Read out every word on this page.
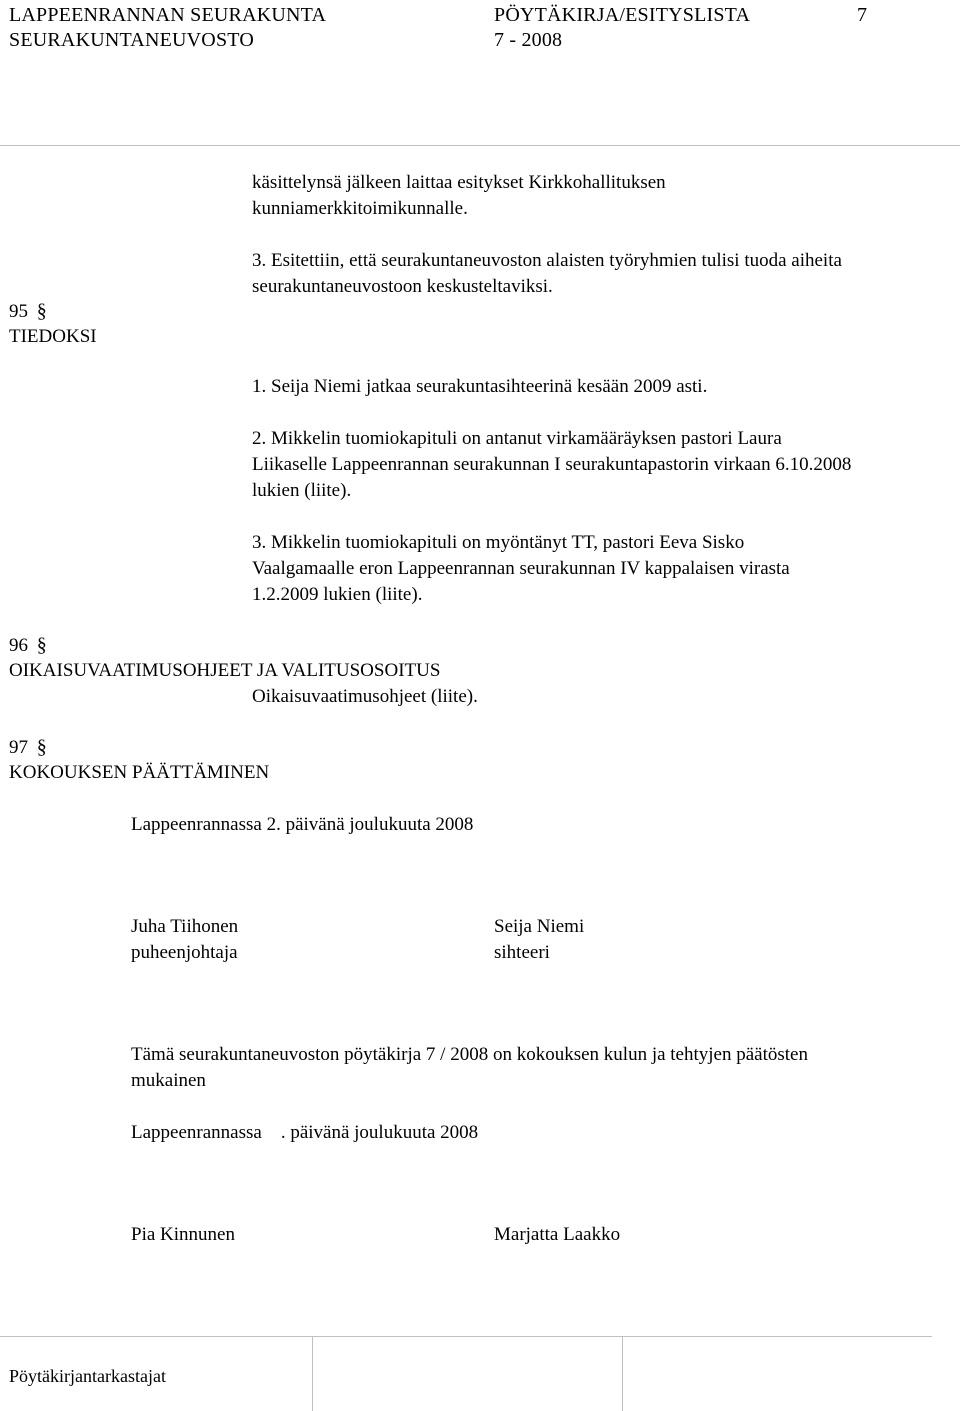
LAPPEENRANNAN SEURAKUNTA
SEURAKUNTANEUVOSTO
PÖYTÄKIRJA/ESITYSLISTA
7 - 2008
7
käsittelynsä jälkeen laittaa esitykset Kirkkohallituksen
kunniamerkkitoimikunnalle.
3. Esitettiin, että seurakuntaneuvoston alaisten työryhmien tulisi tuoda aiheita
seurakuntaneuvostoon keskusteltaviksi.
95 §
TIEDOKSI
1. Seija Niemi jatkaa seurakuntasihteerinä kesään 2009 asti.
2. Mikkelin tuomiokapituli on antanut virkamääräyksen pastori Laura
Liikaselle Lappeenrannan seurakunnan I seurakuntapastorin virkaan 6.10.2008
lukien (liite).
3. Mikkelin tuomiokapituli on myöntänyt TT, pastori Eeva Sisko
Vaalgamaalle eron Lappeenrannan seurakunnan IV kappalaisen virasta
1.2.2009 lukien (liite).
96 §
OIKAISUVAATIMUSOHJEET JA VALITUSOSOITUS
Oikaisuvaatimusohjeet (liite).
97 §
KOKOUKSEN PÄÄTTÄMINEN
Lappeenrannassa 2. päivänä joulukuuta 2008
Juha Tiihonen
puheenjohtaja
Seija Niemi
sihteeri
Tämä seurakuntaneuvoston pöytäkirja 7 / 2008 on kokouksen kulun ja tehtyjen päätösten
mukainen
Lappeenrannassa    . päivänä joulukuuta 2008
Pia Kinnunen	Marjatta Laakko
Pöytäkirjantarkastajat
